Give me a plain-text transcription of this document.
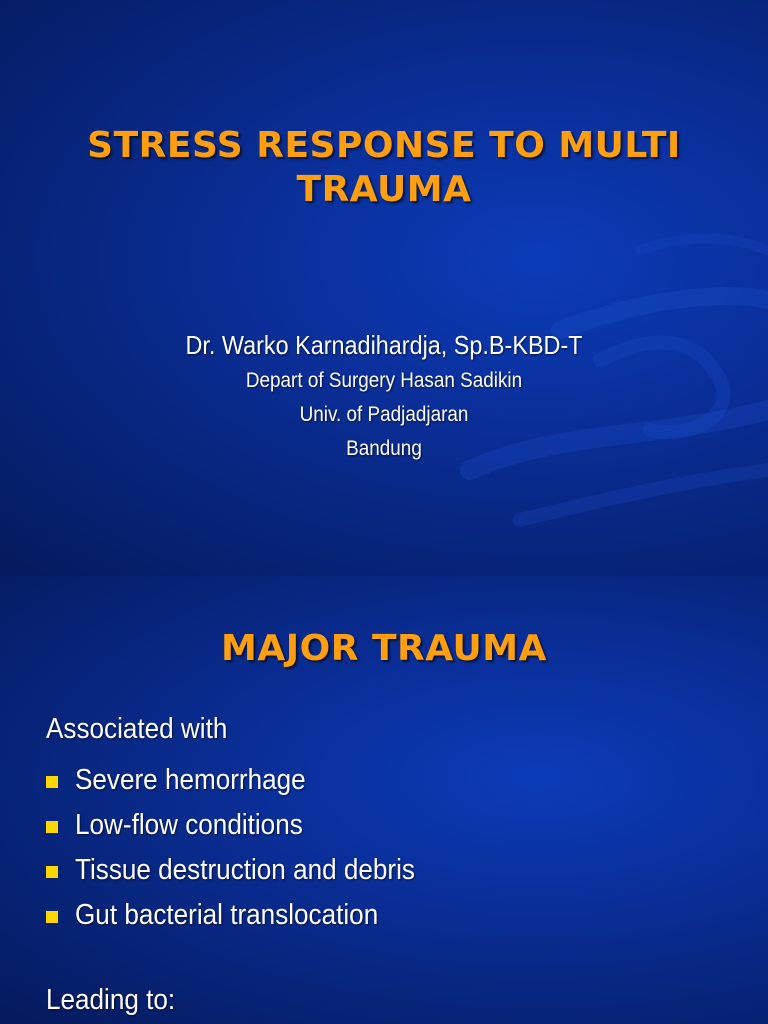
STRESS RESPONSE TO MULTI
TRAUMA
Dr. Warko Karnadihardja, Sp.B-KBD-T
Depart of Surgery Hasan Sadikin
Univ. of Padjadjaran
Bandung
MAJOR TRAUMA
Associated with
Severe hemorrhage
Low-flow conditions
Tissue destruction and debris
Gut bacterial translocation
Leading to:
